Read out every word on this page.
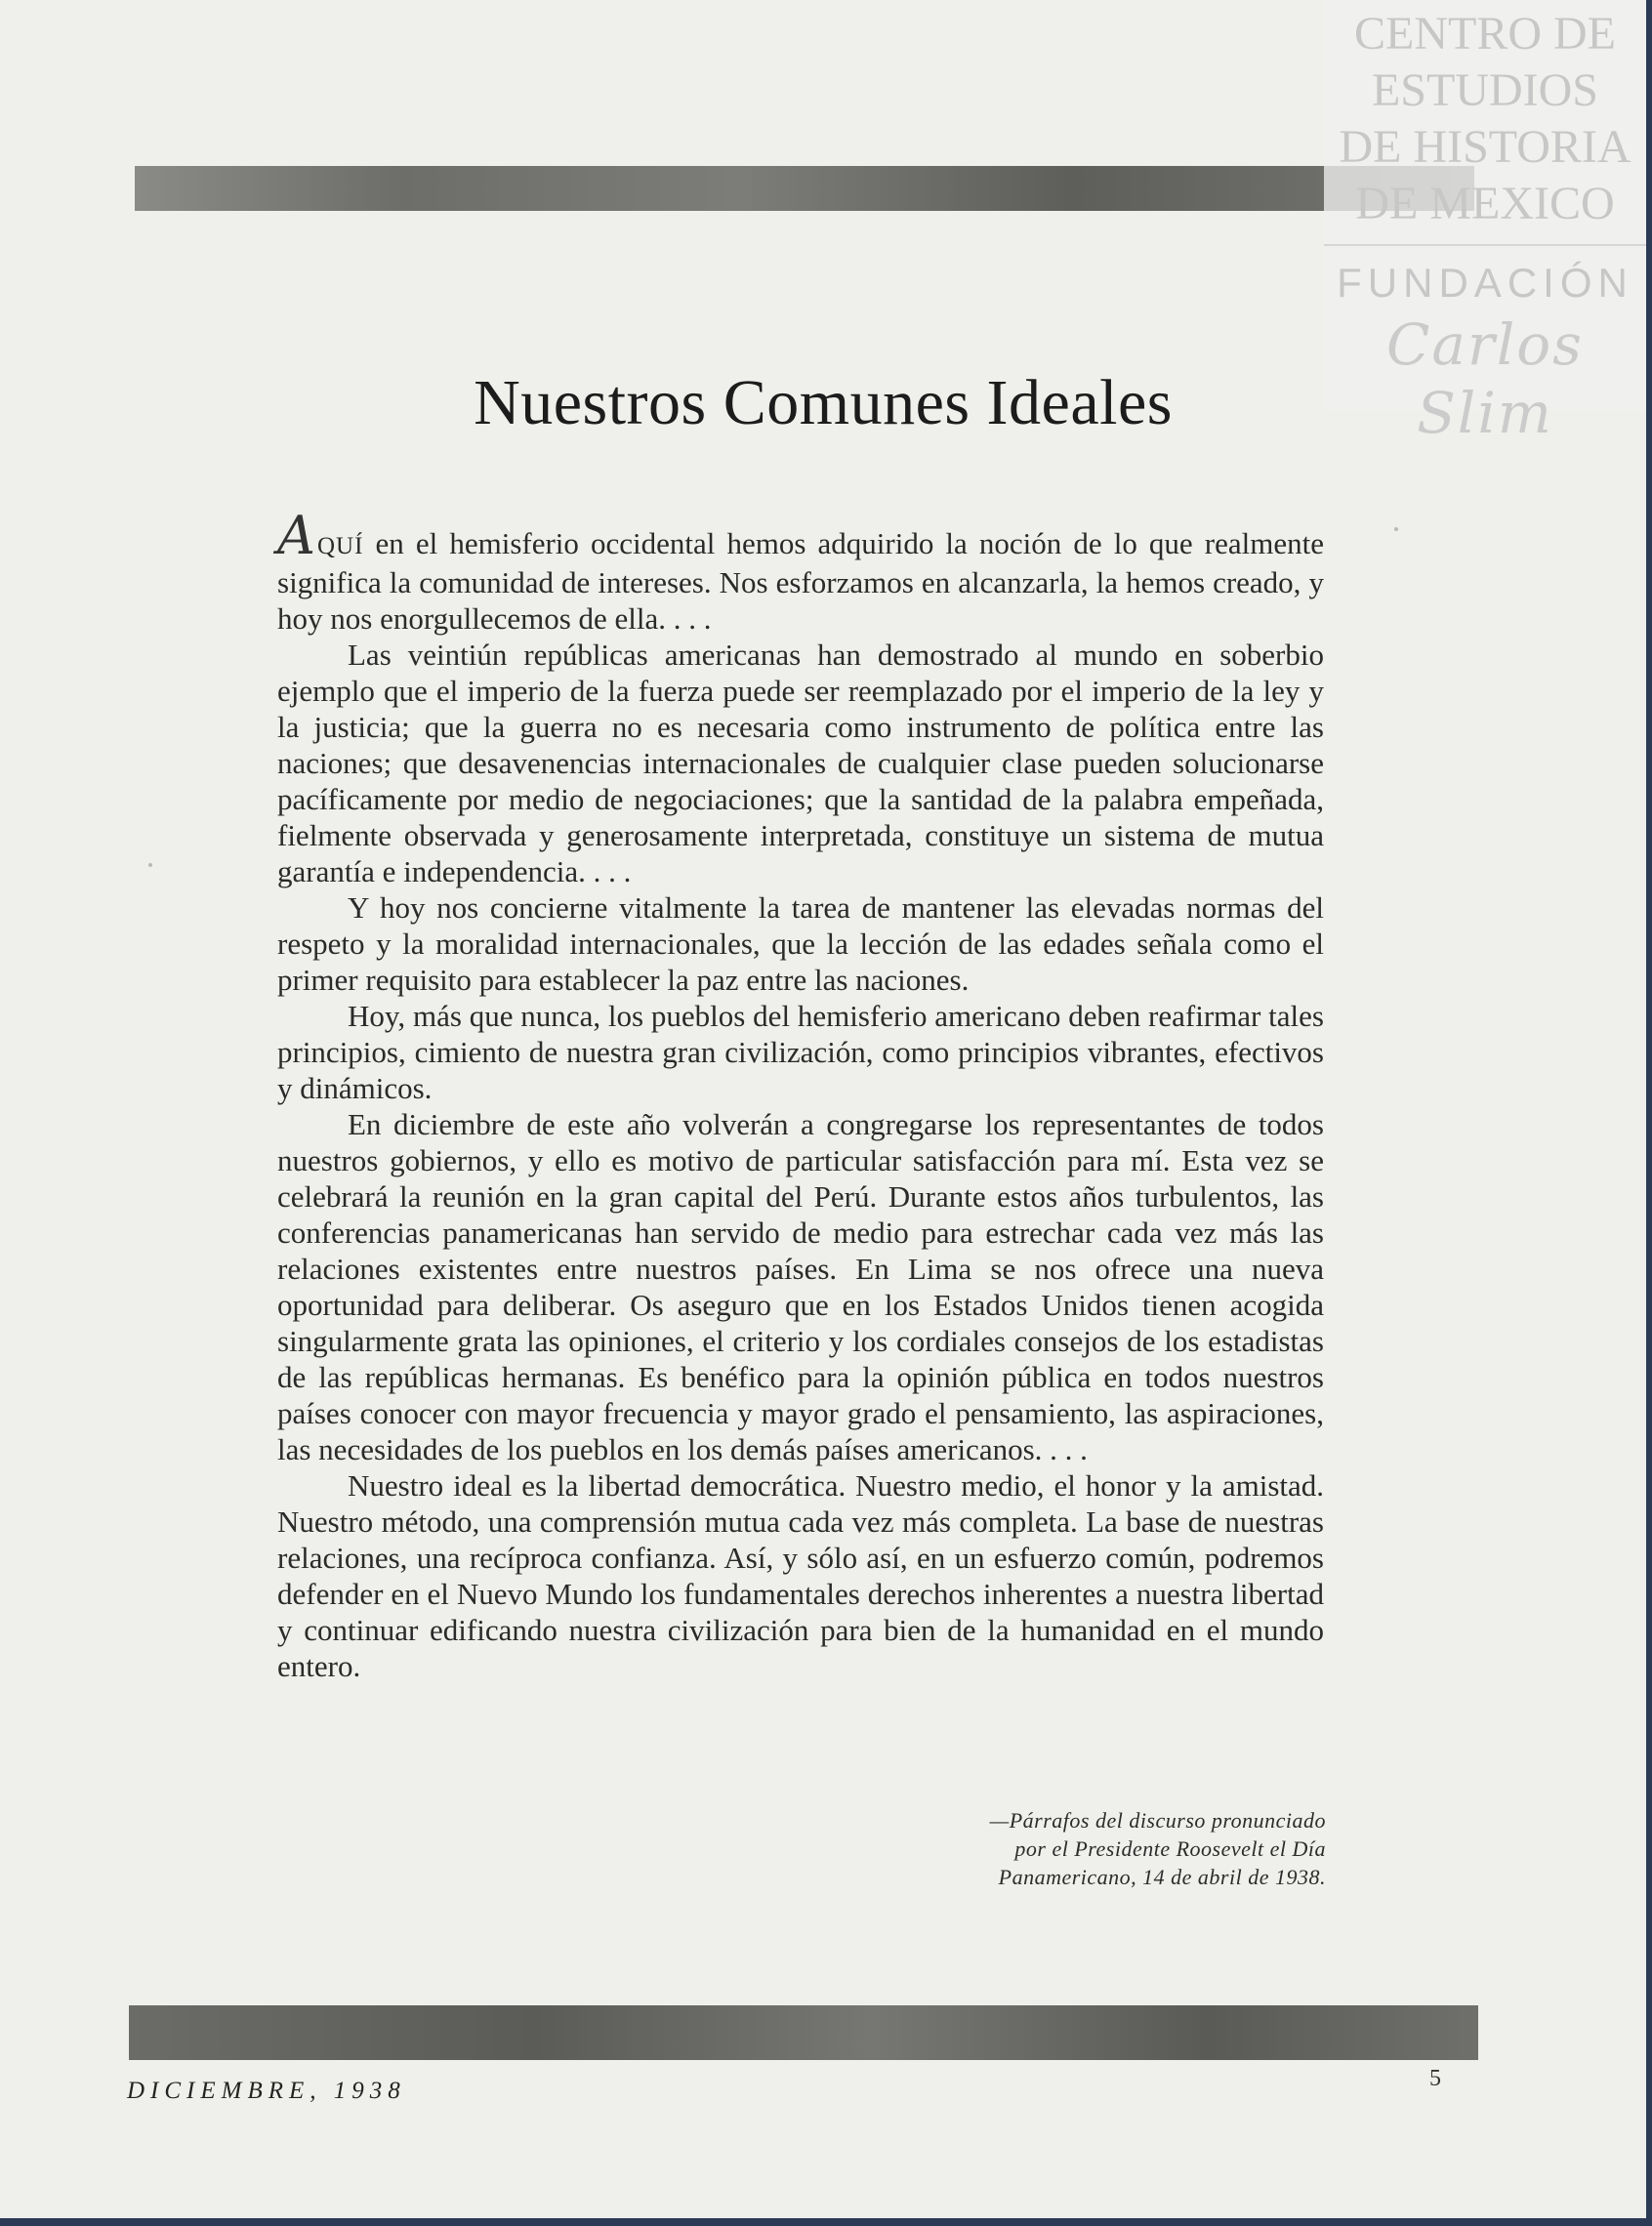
CENTRO DE
ESTUDIOS
DE HISTORIA
DE MEXICO
FUNDACIÓN
Carlos Slim
Nuestros Comunes Ideales

AQUÍ en el hemisferio occidental hemos adquirido la noción de lo que realmente significa la comunidad de intereses. Nos esforzamos en alcanzarla, la hemos creado, y hoy nos enorgullecemos de ella. . . .

Las veintiún repúblicas americanas han demostrado al mundo en soberbio ejemplo que el imperio de la fuerza puede ser reemplazado por el imperio de la ley y la justicia; que la guerra no es necesaria como instrumento de política entre las naciones; que desavenencias internacionales de cualquier clase pueden solucionarse pacíficamente por medio de negociaciones; que la santidad de la palabra empeñada, fielmente observada y generosamente interpretada, constituye un sistema de mutua garantía e independencia. . . .

Y hoy nos concierne vitalmente la tarea de mantener las elevadas normas del respeto y la moralidad internacionales, que la lección de las edades señala como el primer requisito para establecer la paz entre las naciones.

Hoy, más que nunca, los pueblos del hemisferio americano deben reafirmar tales principios, cimiento de nuestra gran civilización, como principios vibrantes, efectivos y dinámicos.

En diciembre de este año volverán a congregarse los representantes de todos nuestros gobiernos, y ello es motivo de particular satisfacción para mí. Esta vez se celebrará la reunión en la gran capital del Perú. Durante estos años turbulentos, las conferencias panamericanas han servido de medio para estrechar cada vez más las relaciones existentes entre nuestros países. En Lima se nos ofrece una nueva oportunidad para deliberar. Os aseguro que en los Estados Unidos tienen acogida singularmente grata las opiniones, el criterio y los cordiales consejos de los estadistas de las repúblicas hermanas. Es benéfico para la opinión pública en todos nuestros países conocer con mayor frecuencia y mayor grado el pensamiento, las aspiraciones, las necesidades de los pueblos en los demás países americanos. . . .

Nuestro ideal es la libertad democrática. Nuestro medio, el honor y la amistad. Nuestro método, una comprensión mutua cada vez más completa. La base de nuestras relaciones, una recíproca confianza. Así, y sólo así, en un esfuerzo común, podremos defender en el Nuevo Mundo los fundamentales derechos inherentes a nuestra libertad y continuar edificando nuestra civilización para bien de la humanidad en el mundo entero.

—Párrafos del discurso pronunciado
por el Presidente Roosevelt el Día
Panamericano, 14 de abril de 1938.

DICIEMBRE, 1938	5
